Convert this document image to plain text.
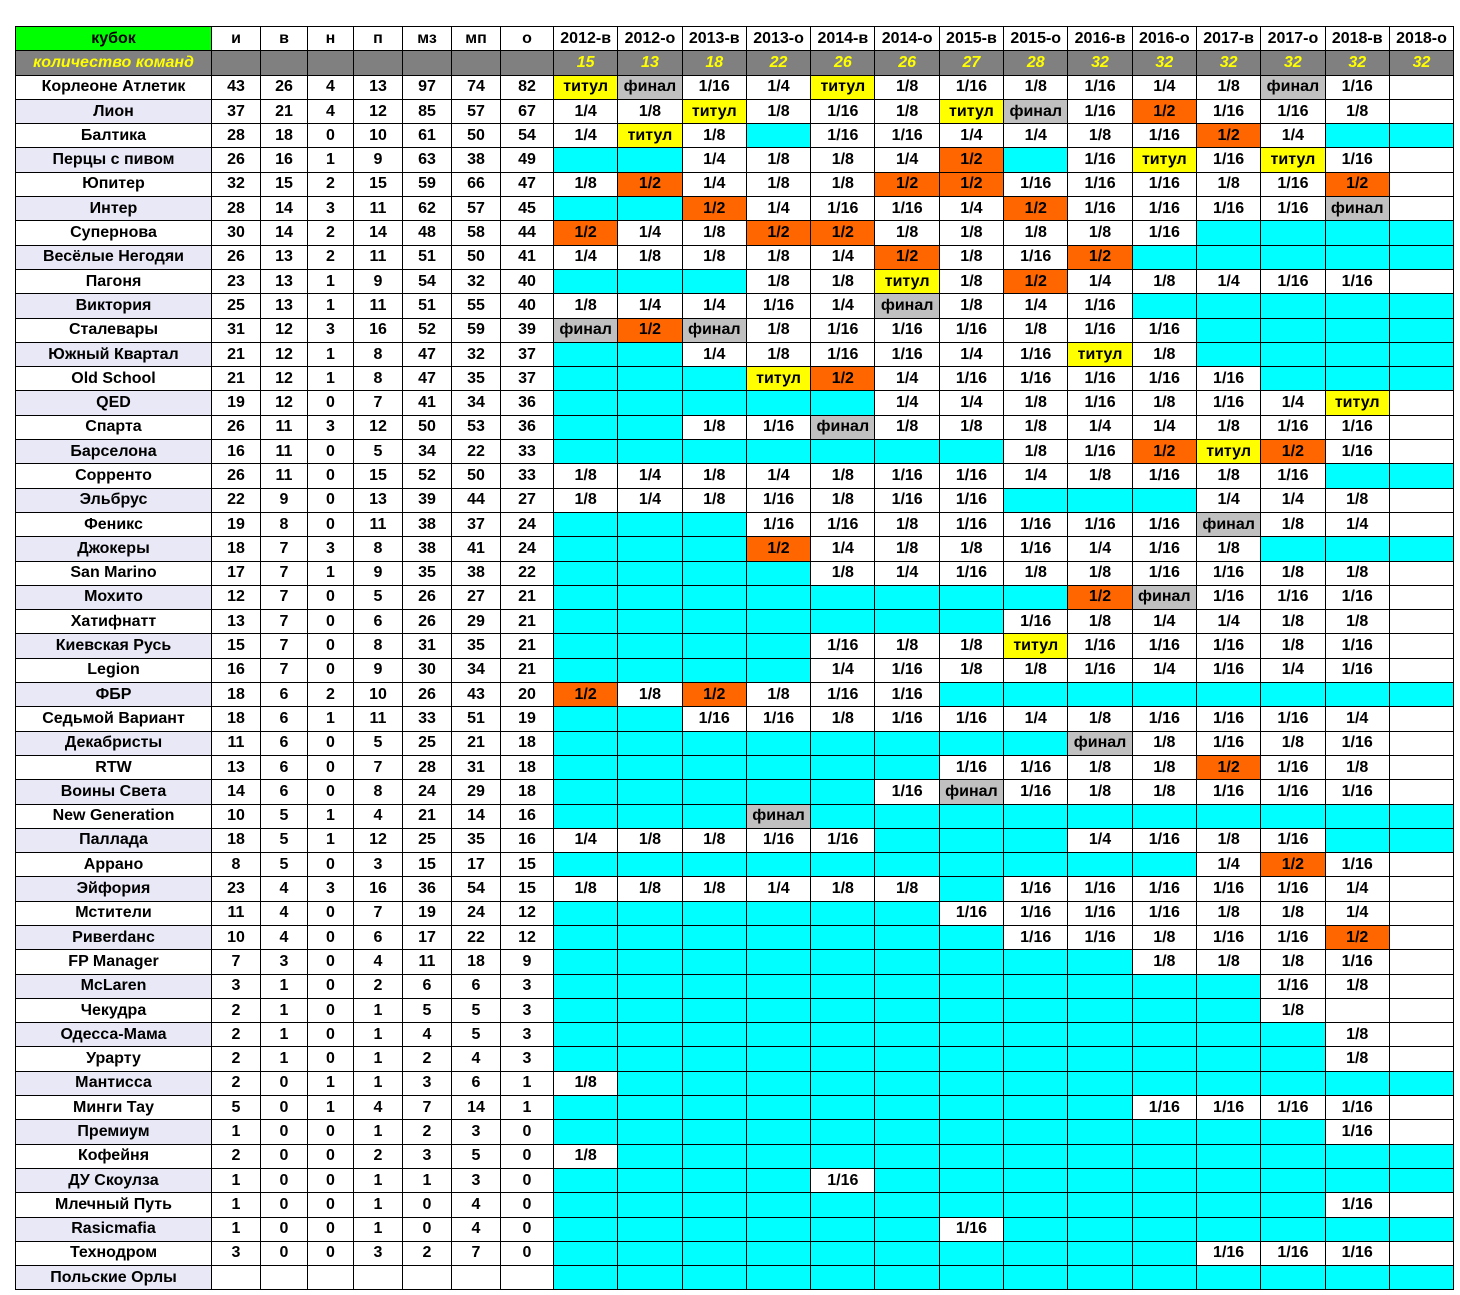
кубок	и	в	н	п	мз	мп	о	2012-в	2012-о	2013-в	2013-о	2014-в	2014-о	2015-в	2015-о	2016-в	2016-о	2017-в	2017-о	2018-в	2018-о
количество команд								15	13	18	22	26	26	27	28	32	32	32	32	32	32
Корлеоне Атлетик	43	26	4	13	97	74	82	титул	финал	1/16	1/4	титул	1/8	1/16	1/8	1/16	1/4	1/8	финал	1/16	
Лион	37	21	4	12	85	57	67	1/4	1/8	титул	1/8	1/16	1/8	титул	финал	1/16	1/2	1/16	1/16	1/8	
Балтика	28	18	0	10	61	50	54	1/4	титул	1/8		1/16	1/16	1/4	1/4	1/8	1/16	1/2	1/4		
Перцы с пивом	26	16	1	9	63	38	49			1/4	1/8	1/8	1/4	1/2		1/16	титул	1/16	титул	1/16	
Юпитер	32	15	2	15	59	66	47	1/8	1/2	1/4	1/8	1/8	1/2	1/2	1/16	1/16	1/16	1/8	1/16	1/2	
Интер	28	14	3	11	62	57	45			1/2	1/4	1/16	1/16	1/4	1/2	1/16	1/16	1/16	1/16	финал	
Супернова	30	14	2	14	48	58	44	1/2	1/4	1/8	1/2	1/2	1/8	1/8	1/8	1/8	1/16				
Весёлые Негодяи	26	13	2	11	51	50	41	1/4	1/8	1/8	1/8	1/4	1/2	1/8	1/16	1/2					
Пагоня	23	13	1	9	54	32	40				1/8	1/8	титул	1/8	1/2	1/4	1/8	1/4	1/16	1/16	
Виктория	25	13	1	11	51	55	40	1/8	1/4	1/4	1/16	1/4	финал	1/8	1/4	1/16					
Сталевары	31	12	3	16	52	59	39	финал	1/2	финал	1/8	1/16	1/16	1/16	1/8	1/16	1/16				
Южный Квартал	21	12	1	8	47	32	37			1/4	1/8	1/16	1/16	1/4	1/16	титул	1/8				
Old School	21	12	1	8	47	35	37				титул	1/2	1/4	1/16	1/16	1/16	1/16	1/16			
QED	19	12	0	7	41	34	36						1/4	1/4	1/8	1/16	1/8	1/16	1/4	титул	
Спарта	26	11	3	12	50	53	36			1/8	1/16	финал	1/8	1/8	1/8	1/4	1/4	1/8	1/16	1/16	
Барселона	16	11	0	5	34	22	33								1/8	1/16	1/2	титул	1/2	1/16	
Сорренто	26	11	0	15	52	50	33	1/8	1/4	1/8	1/4	1/8	1/16	1/16	1/4	1/8	1/16	1/8	1/16		
Эльбрус	22	9	0	13	39	44	27	1/8	1/4	1/8	1/16	1/8	1/16	1/16				1/4	1/4	1/8	
Феникс	19	8	0	11	38	37	24				1/16	1/16	1/8	1/16	1/16	1/16	1/16	финал	1/8	1/4	
Джокеры	18	7	3	8	38	41	24				1/2	1/4	1/8	1/8	1/16	1/4	1/16	1/8			
San Marino	17	7	1	9	35	38	22					1/8	1/4	1/16	1/8	1/8	1/16	1/16	1/8	1/8	
Мохито	12	7	0	5	26	27	21									1/2	финал	1/16	1/16	1/16	
Хатифнатт	13	7	0	6	26	29	21								1/16	1/8	1/4	1/4	1/8	1/8	
Киевская Русь	15	7	0	8	31	35	21					1/16	1/8	1/8	титул	1/16	1/16	1/16	1/8	1/16	
Legion	16	7	0	9	30	34	21					1/4	1/16	1/8	1/8	1/16	1/4	1/16	1/4	1/16	
ФБР	18	6	2	10	26	43	20	1/2	1/8	1/2	1/8	1/16	1/16								
Седьмой Вариант	18	6	1	11	33	51	19			1/16	1/16	1/8	1/16	1/16	1/4	1/8	1/16	1/16	1/16	1/4	
Декабристы	11	6	0	5	25	21	18									финал	1/8	1/16	1/8	1/16	
RTW	13	6	0	7	28	31	18							1/16	1/16	1/8	1/8	1/2	1/16	1/8	
Воины Света	14	6	0	8	24	29	18						1/16	финал	1/16	1/8	1/8	1/16	1/16	1/16	
New Generation	10	5	1	4	21	14	16				финал										
Паллада	18	5	1	12	25	35	16	1/4	1/8	1/8	1/16	1/16				1/4	1/16	1/8	1/16		
Аррано	8	5	0	3	15	17	15											1/4	1/2	1/16	
Эйфория	23	4	3	16	36	54	15	1/8	1/8	1/8	1/4	1/8	1/8		1/16	1/16	1/16	1/16	1/16	1/4	
Мстители	11	4	0	7	19	24	12							1/16	1/16	1/16	1/16	1/8	1/8	1/4	
Ривerdанс	10	4	0	6	17	22	12								1/16	1/16	1/8	1/16	1/16	1/2	
FP Manager	7	3	0	4	11	18	9										1/8	1/8	1/8	1/16	
McLaren	3	1	0	2	6	6	3												1/16	1/8	
Чекудра	2	1	0	1	5	5	3												1/8		
Одесса-Мама	2	1	0	1	4	5	3													1/8	
Урарту	2	1	0	1	2	4	3													1/8	
Мантисса	2	0	1	1	3	6	1	1/8													
Минги Тау	5	0	1	4	7	14	1										1/16	1/16	1/16	1/16	
Премиум	1	0	0	1	2	3	0													1/16	
Кофейня	2	0	0	2	3	5	0	1/8													
ДУ Скоулза	1	0	0	1	1	3	0					1/16									
Млечный Путь	1	0	0	1	0	4	0													1/16	
Rasicmafia	1	0	0	1	0	4	0							1/16							
Технодром	3	0	0	3	2	7	0											1/16	1/16	1/16	
Польские Орлы																					
